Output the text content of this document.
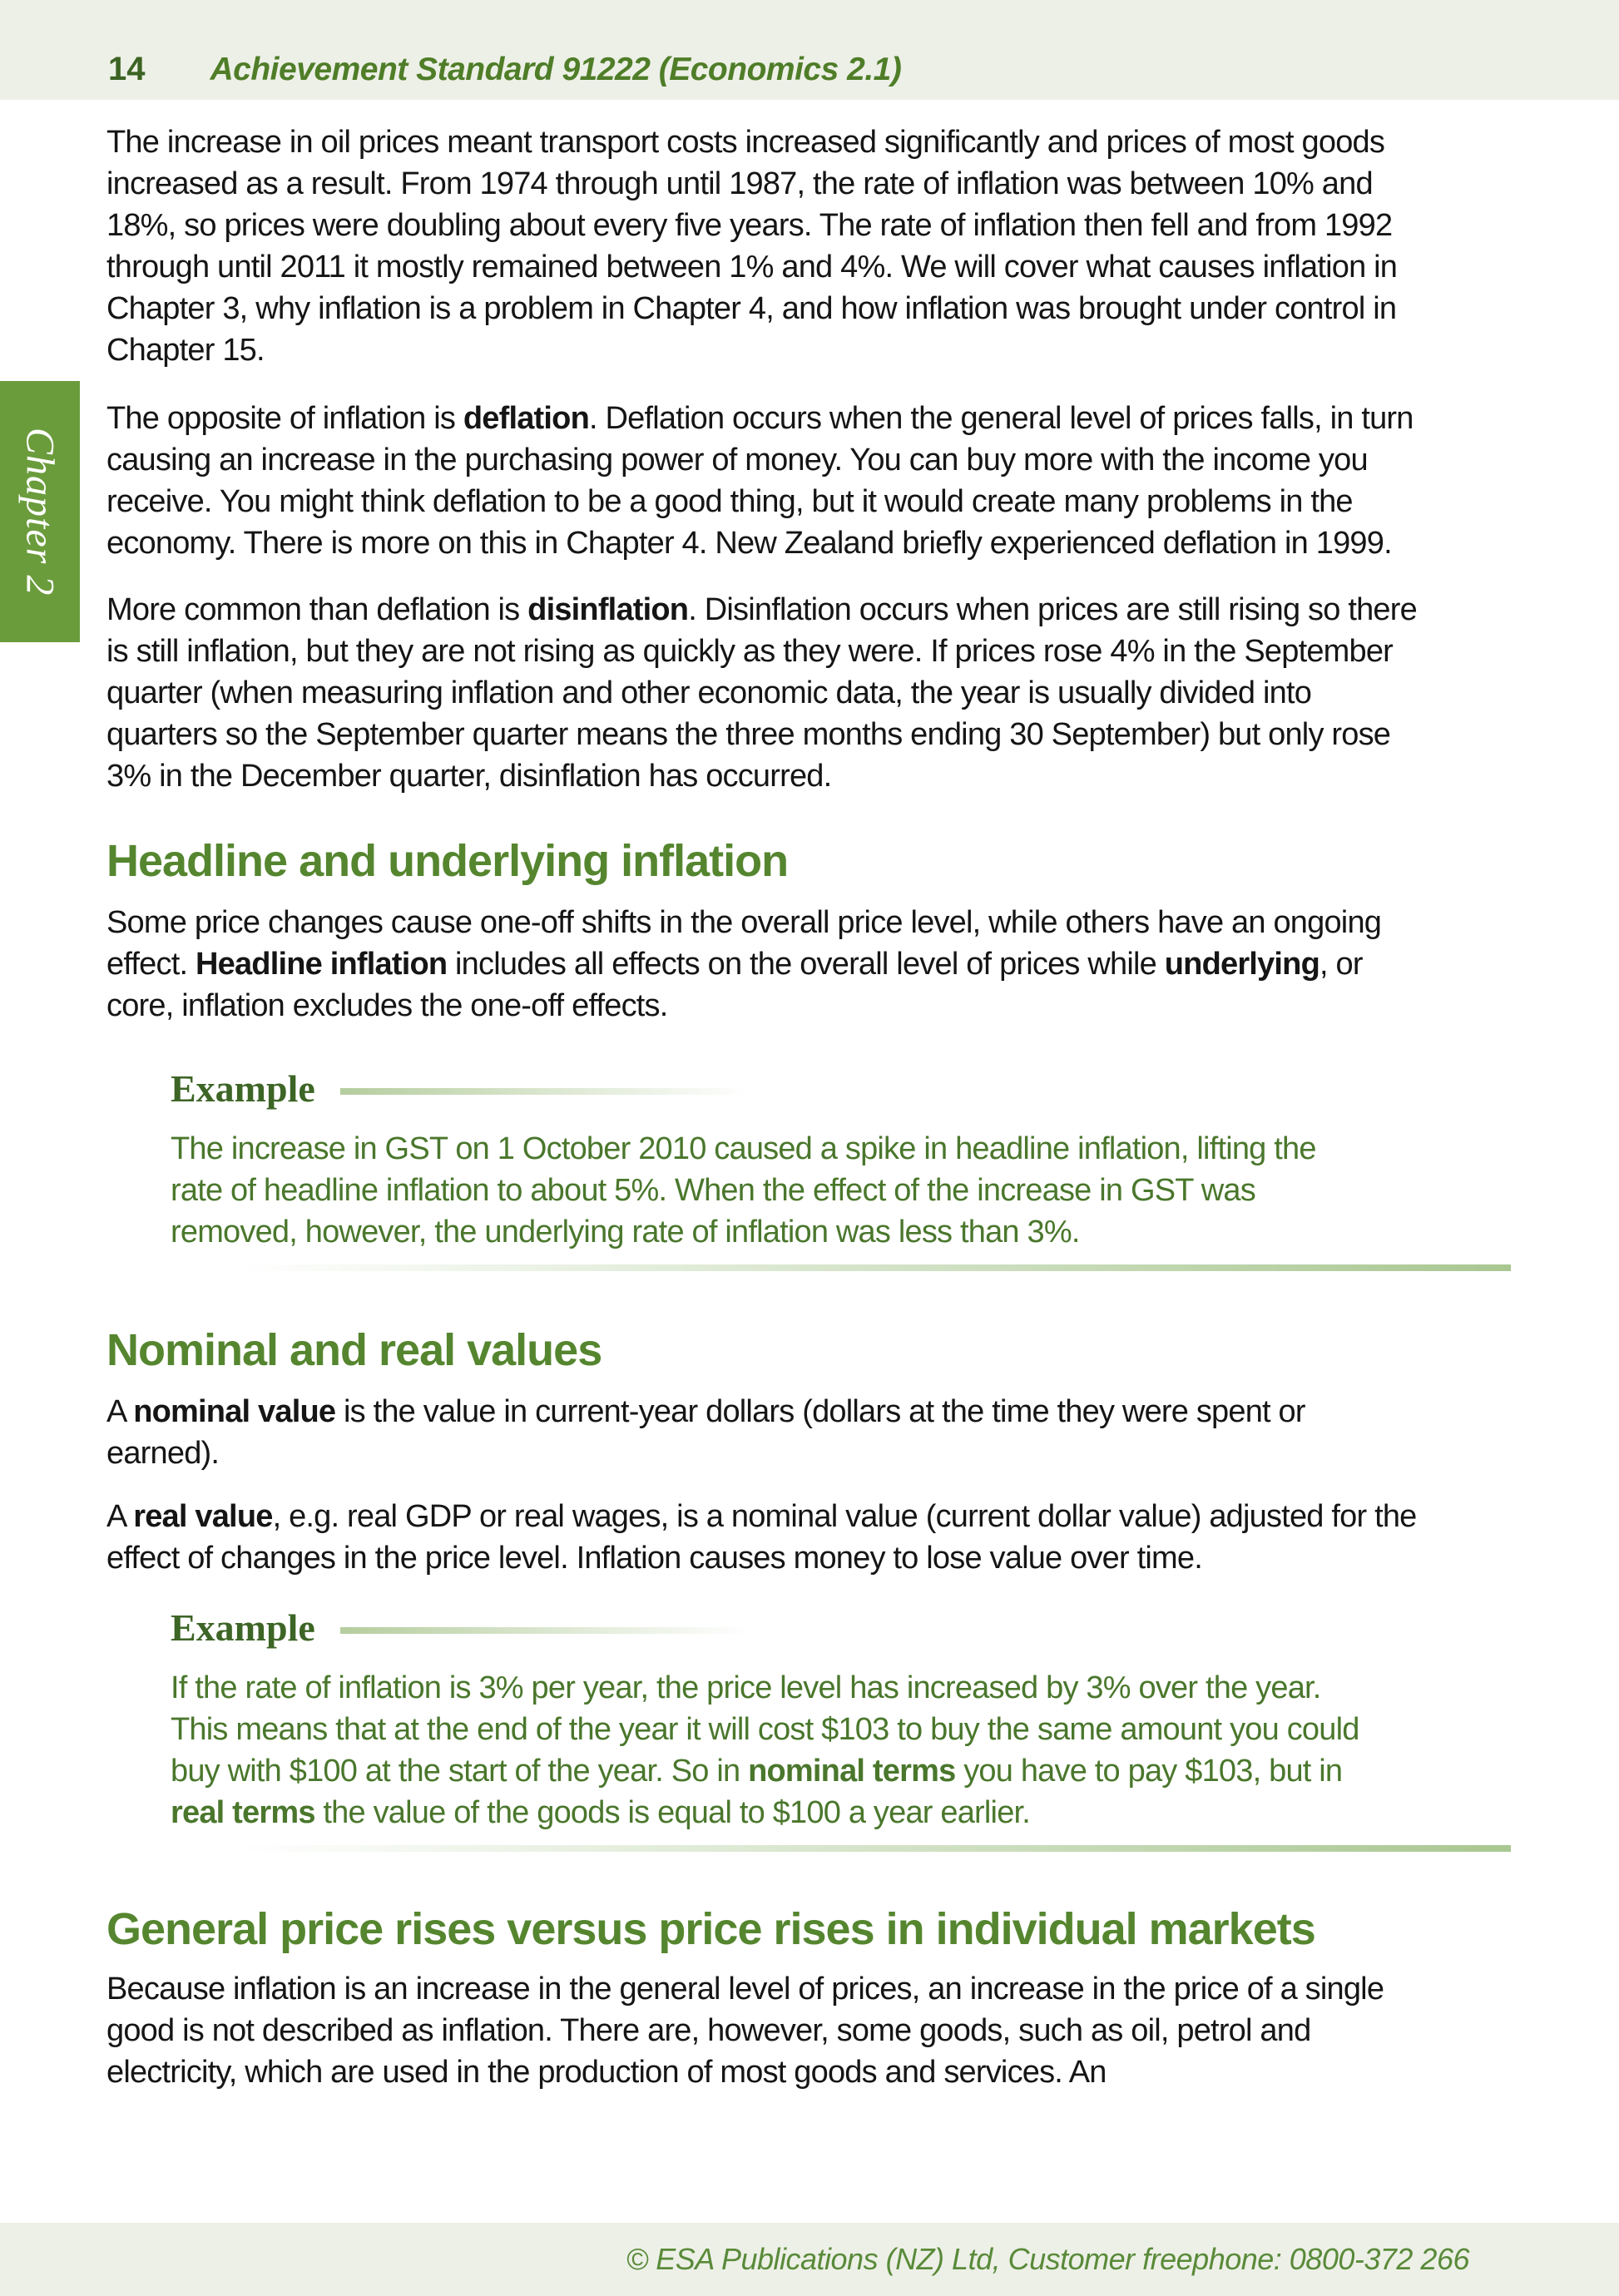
14 Achievement Standard 91222 (Economics 2.1)
Chapter 2

The increase in oil prices meant transport costs increased significantly and prices of most goods increased as a result. From 1974 through until 1987, the rate of inflation was between 10% and 18%, so prices were doubling about every five years. The rate of inflation then fell and from 1992 through until 2011 it mostly remained between 1% and 4%. We will cover what causes inflation in Chapter 3, why inflation is a problem in Chapter 4, and how inflation was brought under control in Chapter 15.

The opposite of inflation is deflation. Deflation occurs when the general level of prices falls, in turn causing an increase in the purchasing power of money. You can buy more with the income you receive. You might think deflation to be a good thing, but it would create many problems in the economy. There is more on this in Chapter 4. New Zealand briefly experienced deflation in 1999.

More common than deflation is disinflation. Disinflation occurs when prices are still rising so there is still inflation, but they are not rising as quickly as they were. If prices rose 4% in the September quarter (when measuring inflation and other economic data, the year is usually divided into quarters so the September quarter means the three months ending 30 September) but only rose 3% in the December quarter, disinflation has occurred.

Headline and underlying inflation

Some price changes cause one-off shifts in the overall price level, while others have an ongoing effect. Headline inflation includes all effects on the overall level of prices while underlying, or core, inflation excludes the one-off effects.

Example

The increase in GST on 1 October 2010 caused a spike in headline inflation, lifting the rate of headline inflation to about 5%. When the effect of the increase in GST was removed, however, the underlying rate of inflation was less than 3%.

Nominal and real values

A nominal value is the value in current-year dollars (dollars at the time they were spent or earned).

A real value, e.g. real GDP or real wages, is a nominal value (current dollar value) adjusted for the effect of changes in the price level. Inflation causes money to lose value over time.

Example

If the rate of inflation is 3% per year, the price level has increased by 3% over the year. This means that at the end of the year it will cost $103 to buy the same amount you could buy with $100 at the start of the year. So in nominal terms you have to pay $103, but in real terms the value of the goods is equal to $100 a year earlier.

General price rises versus price rises in individual markets

Because inflation is an increase in the general level of prices, an increase in the price of a single good is not described as inflation. There are, however, some goods, such as oil, petrol and electricity, which are used in the production of most goods and services. An

© ESA Publications (NZ) Ltd, Customer freephone: 0800-372 266
